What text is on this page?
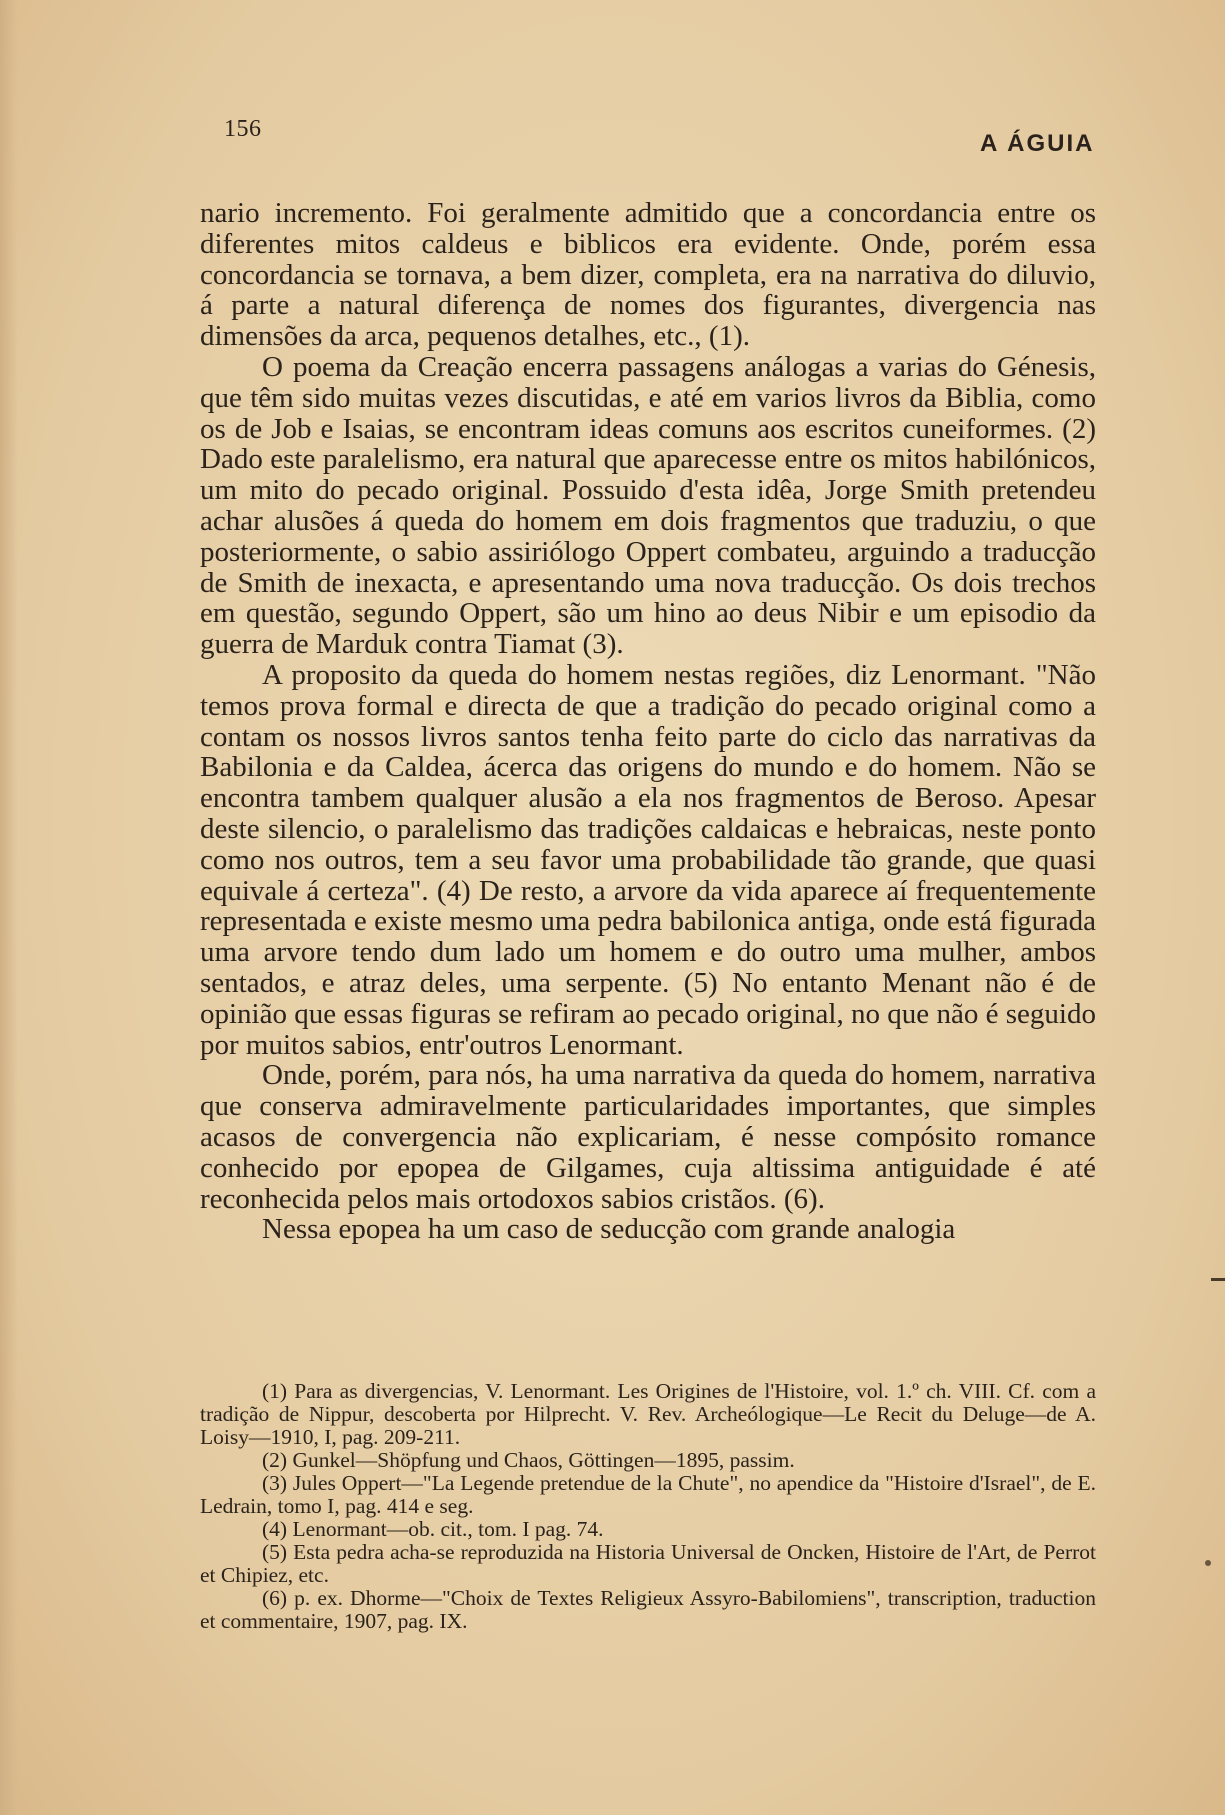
156
A ÁGUIA

nario incremento. Foi geralmente admitido que a concordancia entre os diferentes mitos caldeus e biblicos era evidente. Onde, porém essa concordancia se tornava, a bem dizer, completa, era na narrativa do diluvio, á parte a natural diferença de nomes dos figurantes, divergencia nas dimensões da arca, pequenos detalhes, etc., (1).

O poema da Creação encerra passagens análogas a varias do Génesis, que têm sido muitas vezes discutidas, e até em varios livros da Biblia, como os de Job e Isaias, se encontram ideas comuns aos escritos cuneiformes. (2) Dado este paralelismo, era natural que aparecesse entre os mitos habilónicos, um mito do pecado original. Possuido d'esta idêa, Jorge Smith pretendeu achar alusões á queda do homem em dois fragmentos que traduziu, o que posteriormente, o sabio assiriólogo Oppert combateu, arguindo a traducção de Smith de inexacta, e apresentando uma nova traducção. Os dois trechos em questão, segundo Oppert, são um hino ao deus Nibir e um episodio da guerra de Marduk contra Tiamat (3).

A proposito da queda do homem nestas regiões, diz Lenormant. "Não temos prova formal e directa de que a tradição do pecado original como a contam os nossos livros santos tenha feito parte do ciclo das narrativas da Babilonia e da Caldea, ácerca das origens do mundo e do homem. Não se encontra tambem qualquer alusão a ela nos fragmentos de Beroso. Apesar deste silencio, o paralelismo das tradições caldaicas e hebraicas, neste ponto como nos outros, tem a seu favor uma probabilidade tão grande, que quasi equivale á certeza". (4) De resto, a arvore da vida aparece aí frequentemente representada e existe mesmo uma pedra babilonica antiga, onde está figurada uma arvore tendo dum lado um homem e do outro uma mulher, ambos sentados, e atraz deles, uma serpente. (5) No entanto Menant não é de opinião que essas figuras se refiram ao pecado original, no que não é seguido por muitos sabios, entr'outros Lenormant.

Onde, porém, para nós, ha uma narrativa da queda do homem, narrativa que conserva admiravelmente particularidades importantes, que simples acasos de convergencia não explicariam, é nesse compósito romance conhecido por epopea de Gilgames, cuja altissima antiguidade é até reconhecida pelos mais ortodoxos sabios cristãos. (6).

Nessa epopea ha um caso de seducção com grande analogia

(1) Para as divergencias, V. Lenormant. Les Origines de l'Histoire, vol. 1.º ch. VIII. Cf. com a tradição de Nippur, descoberta por Hilprecht. V. Rev. Archeólogique—Le Recit du Deluge—de A. Loisy—1910, I, pag. 209-211.

(2) Gunkel—Shöpfung und Chaos, Göttingen—1895, passim.

(3) Jules Oppert—"La Legende pretendue de la Chute", no apendice da "Histoire d'Israel", de E. Ledrain, tomo I, pag. 414 e seg.

(4) Lenormant—ob. cit., tom. I pag. 74.

(5) Esta pedra acha-se reproduzida na Historia Universal de Oncken, Histoire de l'Art, de Perrot et Chipiez, etc.

(6) p. ex. Dhorme—"Choix de Textes Religieux Assyro-Babilomiens", transcription, traduction et commentaire, 1907, pag. IX.
